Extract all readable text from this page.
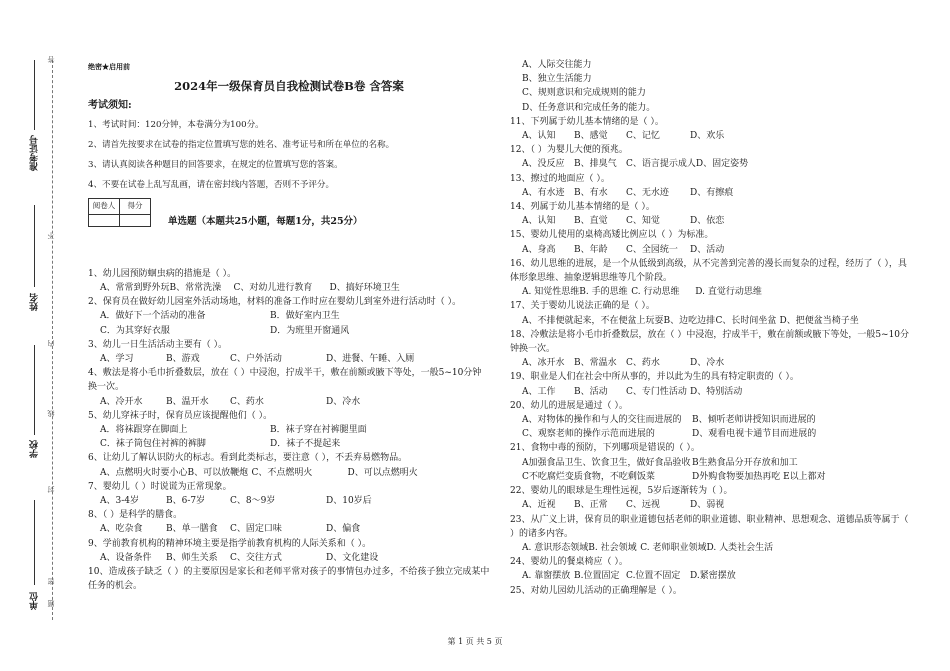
准考证号
姓名
学校
单位
答
不
内
线
封
密
题
绝密★启用前
2024年一级保育员自我检测试卷B卷 含答案
考试须知:

1、考试时间：120分钟，本卷满分为100分。

2、请首先按要求在试卷的指定位置填写您的姓名、准考证号和所在单位的名称。

3、请认真阅读各种题目的回答要求，在规定的位置填写您的答案。

4、不要在试卷上乱写乱画，请在密封线内答题，否则不予评分。

阅卷人	得分

单选题（本题共25小题，每题1分，共25分）
1、幼儿园预防蛔虫病的措施是（ ）。
A、常常到野外玩B、常常洗澡 C、对幼儿进行教育 D、搞好环境卫生
2、保育员在做好幼儿园室外活动场地，材料的准备工作时应在婴幼儿到室外进行活动时（ ）。
A．做好下一个活动的准备	B．做好室内卫生
C．为其穿好衣服	D．为班里开窗通风
3、幼儿一日生活活动主要有（ ）。
A、学习	B、游戏	C、户外活动	D、进餐、午睡、入厕
4、敷法是将小毛巾折叠数层，放在（ ）中浸泡，拧成半干，敷在前额或腋下等处，一般5~10分钟换一次。
A、冷开水	B、温开水 C、药水	D、冷水
5、幼儿穿袜子时，保育员应该提醒他们（ ）。
A．将袜跟穿在脚面上	B．袜子穿在衬裤腿里面
C．袜子筒包住衬裤的裤脚	D．袜子不提起来
6、让幼儿了解认识防火的标志。看到此类标志，要注意（ ），不丢弃易燃物品。
A、点燃明火时要小心B、可以放鞭炮 C、不点燃明火	D、可以点燃明火
7、婴幼儿（ ）时说谎为正常现象。
A、3-4岁	B、6-7岁	C、8～9岁	D、10岁后
8、（ ）是科学的膳食。
A、吃杂食	B、单一膳食 C、固定口味	D、偏食
9、学前教育机构的精神环境主要是指学前教育机构的人际关系和（ ）。
A、设备条件 B、师生关系 C、交往方式	D、文化建设
10、造成孩子缺乏（ ）的主要原因是家长和老师平常对孩子的事情包办过多，不给孩子独立完成某中任务的机会。
A、人际交往能力
B、独立生活能力
C、规则意识和完成规则的能力
D、任务意识和完成任务的能力。
11、下列属于幼儿基本情绪的是（ ）。
A、认知 B、感觉 C、记忆	D、欢乐
12、（ ）为婴儿大便的预兆。
A、没反应 B、排臭气 C、语言提示成人D、固定姿势
13、擦过的地面应（ ）。
A、有水迹 B、有水 C、无水迹 D、有擦痕
14、列属于幼儿基本情绪的是（ ）。
A、认知 B、直觉 C、知觉	D、依恋
15、婴幼儿使用的桌椅高矮比例应以（ ）为标准。
A、身高 B、年龄 C、全园统一 D、活动
16、幼儿思维的进展，是一个从低级到高级，从不完善到完善的漫长而复杂的过程，经历了（ ），具体形象思维、抽象逻辑思维等几个阶段。
A. 知觉性思维B. 手的思维 C. 行动思维 D. 直觉行动思维
17、关于婴幼儿说法正确的是（ ）。
A、不排便就起来，不在便盆上玩耍B、边吃边排C、长时间坐盆 D、把便盆当椅子坐
18、冷敷法是将小毛巾折叠数层，放在（ ）中浸泡，拧成半干，敷在前额或腋下等处，一般5~10分钟换一次。
A、冰开水 B、常温水 C、药水	D、冷水
19、职业是人们在社会中所从事的，并以此为生的具有特定职责的（ ）。
A、工作 B、活动 C、专门性活动 D、特别活动
20、幼儿的进展是通过（ ）。
A、对物体的操作和与人的交往而进展的	B、倾听老师讲授知识而进展的
C、观察老师的操作示范而进展的	D、观看电视卡通节目而进展的
21、食物中毒的预防，下列哪项是错误的（ ）。
A加强食品卫生、饮食卫生，做好食品验收 B生熟食品分开存放和加工
C不吃腐烂变质食物，不吃剩饭菜	D外购食物要加热再吃 E以上都对
22、婴幼儿的眼球是生理性远视，5岁后逐渐转为（ ）。
A、近视 B、正常 C、远视	D、弱视
23、从广义上讲，保育员的职业道德包括老师的职业道德、职业精神、思想观念、道德品质等属于（ ）的诸多内容。
A. 意识形态领域B. 社会领域 C. 老师职业领域D. 人类社会生活
24、婴幼儿的餐桌椅应（ ）。
A. 靠窗摆放 B.位置固定 C.位置不固定 D.紧密摆放
25、对幼儿园幼儿活动的正确理解是（ ）。
第 1 页 共 5 页
